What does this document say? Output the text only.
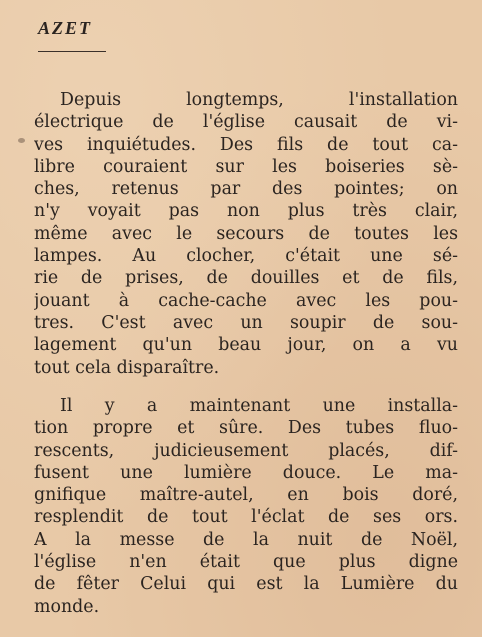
AZET
Depuis longtemps, l'installation
électrique de l'église causait de vi-
ves inquiétudes. Des fils de tout ca-
libre couraient sur les boiseries sè-
ches, retenus par des pointes; on
n'y voyait pas non plus très clair,
même avec le secours de toutes les
lampes. Au clocher, c'était une sé-
rie de prises, de douilles et de fils,
jouant à cache-cache avec les pou-
tres. C'est avec un soupir de sou-
lagement qu'un beau jour, on a vu
tout cela disparaître.
Il y a maintenant une installa-
tion propre et sûre. Des tubes fluo-
rescents, judicieusement placés, dif-
fusent une lumière douce. Le ma-
gnifique maître-autel, en bois doré,
resplendit de tout l'éclat de ses ors.
A la messe de la nuit de Noël,
l'église n'en était que plus digne
de fêter Celui qui est la Lumière du
monde.
